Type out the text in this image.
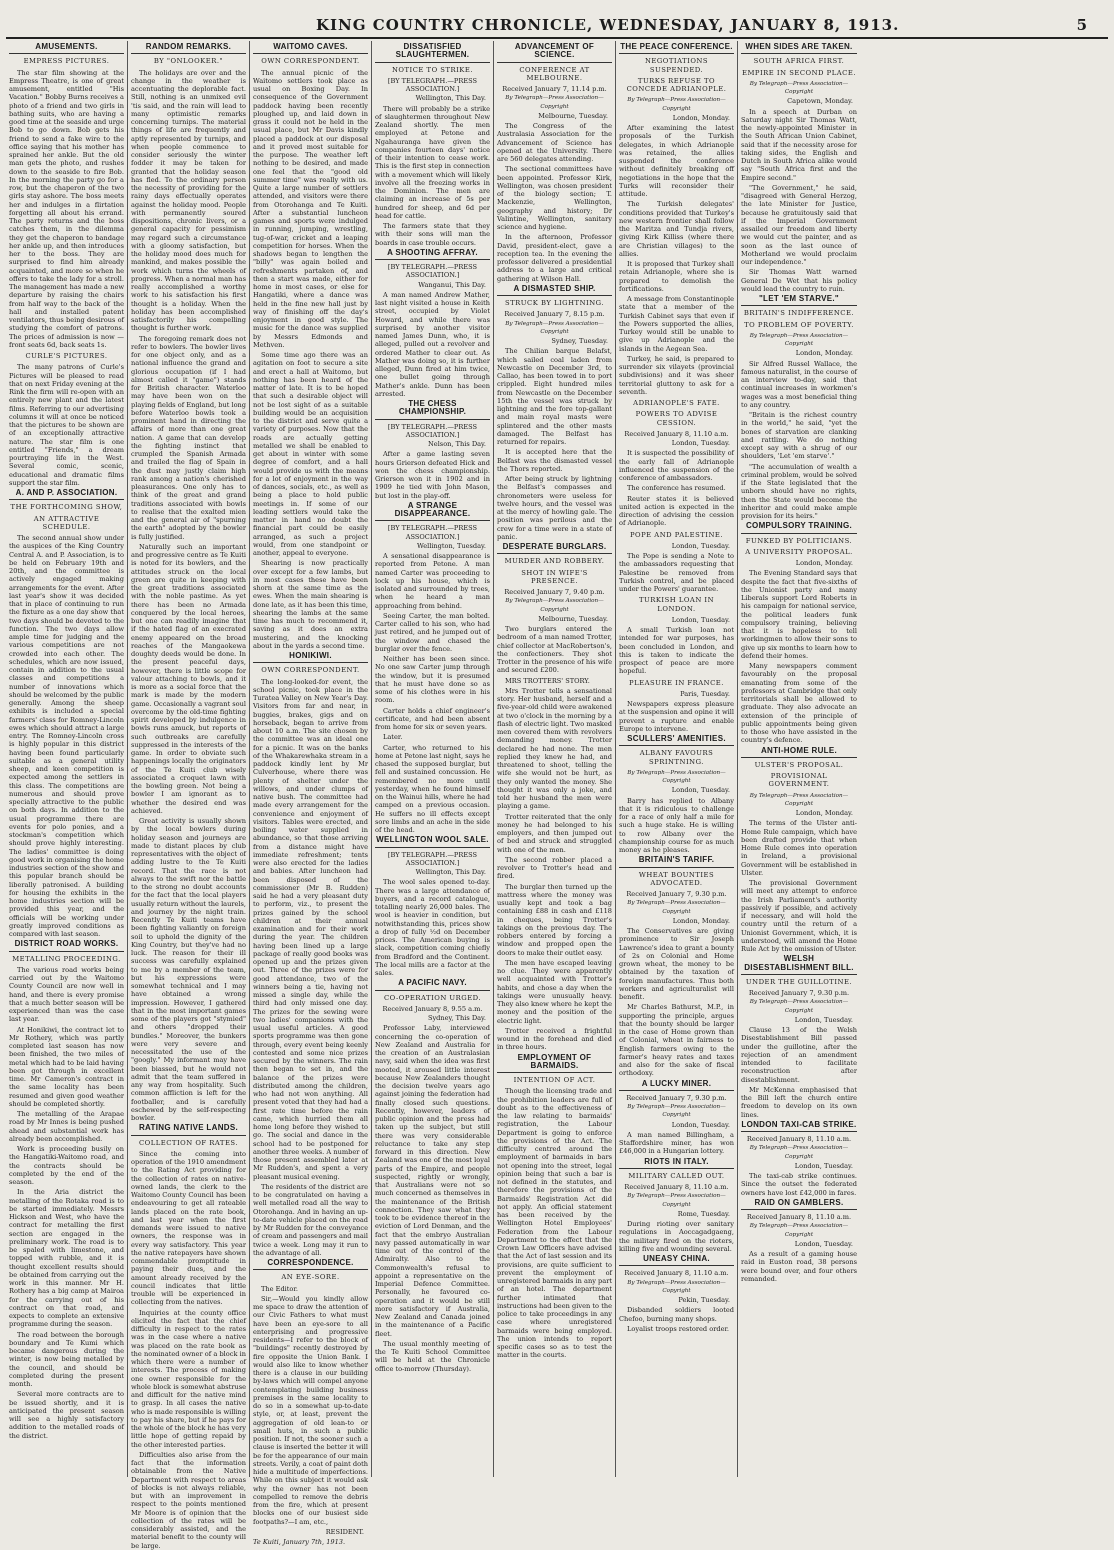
KING COUNTRY CHRONICLE, WEDNESDAY, JANUARY 8, 1913.	5
AMUSEMENTS.
EMPRESS PICTURES.

The star film showing at the Empress Theatre, is one of great amusement, entitled "His Vacation." Bobby Burns receives a photo of a friend and two girls in bathing suits, who are having a good time at the seaside and urge Bob to go down. Bob gets his friend to send a fake wire to the office saying that his mother has sprained her ankle. But the old man gets the photo, and rushes down to the seaside to fire Bob. In the morning the party go for a row, but the chaperon of the two girls stay ashore. The boss meets her and indulges in a flirtation forgetting all about his errand. The party returns and the boss catches them, in the dilemma they get the chaperon to bandage her ankle up, and then introduces her to the boss. They are surprised to find him already acquainted, and more so when he offers to take the lady for a stroll. The management has made a new departure by raising the chairs from half way to the back of the hall and installed patent ventilators, thus being desirous of studying the comfort of patrons. The prices of admission is now —front seats 6d, back seats 1s.

CURLE'S PICTURES.

The many patrons of Curle's Pictures will be pleased to read that on next Friday evening at the Rink the firm will re-open with an entirely new plant and the latest films. Referring to our advertising columns it will at once be noticed that the pictures to be shown are of an exceptionally attractive nature. The star film is one entitled "Friends," a dream pourtraying life in the West. Several comic, scenic, educational and dramatic films support the star film.

A. AND P. ASSOCIATION.
THE FORTHCOMING SHOW,
AN ATTRACTIVE SCHEDULE.

The second annual show under the auspices of the King Country Central A. and P. Association, is to be held on February 19th and 20th, and the committee is actively engaged making arrangements for the event. After last year's show it was decided that in place of continuing to run the fixture as a one day show that two days should be devoted to the function. The two days allow ample time for judging and the various competitions are not crowded into each other. The schedules, which are now issued, contain in addition to the usual classes and competitions a number of innovations which should be welcomed by the public generally. Among the sheep exhibits is included a special farmers' class for Romney-Lincoln ewes which should attract a large entry. The Romney-Lincoln cross is highly popular in this district having been found particularly suitable as a general utility sheep, and keen competition is expected among the settlers in this class. The competitions are numerous and should prove specially attractive to the public on both days. In addition to the usual programme there are events for polo ponies, and a stockman's competition which should prove highly interesting. The ladies' committee is doing good work in organising the home industries section of the show and this popular branch should be liberally patronised. A building for housing the exhibits in the home industries section will be provided this year, and the officials will be working under greatly improved conditions as compared with last season.

DISTRICT ROAD WORKS.
METALLING PROCEEDING.

The various road works being carried out by the Waitomo County Council are now well in hand, and there is every promise that a much better season will be experienced than was the case last year.

At Honikiwi, the contract let to Mr Rothery, which was partly completed last season has now been finished, the two miles of metal which had to be laid having been got through in excellent time. Mr Cameron's contract in the same locality has been resumed and given good weather should be completed shortly.

The metalling of the Arapae road by Mr Innes is being pushed ahead and substantial work has already been accomplished.

Work is proceeding busily on the Hangatiki-Waitomo road, and the contracts should be completed by the end of the season.

In the Aria district the metalling of the Rotaka road is to be started immediately. Messrs Hickson and West, who have the contract for metalling the first section are engaged in the preliminary work. The road is to be spaled with limestone, and topped with rubble, and it is thought excellent results should be obtained from carrying out the work in this manner. Mr H. Rothery has a big camp at Mairoa for the carrying out of his contract on that road, and expects to complete an extensive programme during the season.

The road between the borough boundary and Te Kumi which became dangerous during the winter, is now being metalled by the council, and should be completed during the present month.

Several more contracts are to be issued shortly, and it is anticipated the present season will see a highly satisfactory addition to the metalled roads of the district.

RANDOM REMARKS.
BY "ONLOOKER."

The holidays are over and the change in the weather is accentuating the deplorable fact. Still, nothing is an unmixed evil 'tis said, and the rain will lead to many optimistic remarks concerning turnips. The material things of life are frequently and aptly represented by turnips, and when people commence to consider seriously the winter fodder it may be taken for granted that the holiday season has fled. To the ordinary person the necessity of providing for the rainy days effectually operates against the holiday mood. People with permanently soured dispositions, chronic livers, or a general capacity for pessimism may regard such a circumstance with a gloomy satisfaction, but the holiday mood does much for mankind, and makes possible the work which turns the wheels of progress. When a normal man has really accomplished a worthy work to his satisfaction his first thought is a holiday. When the holiday has been accomplished satisfactorily his compelling thought is further work.

The foregoing remark does not refer to bowlers. The bowler lives for one object only, and as a national influence the grand and glorious occupation (if I had almost called it "game") stands for British character. Waterloo may have been won on the playing fields of England, but long before Waterloo bowls took a prominent hand in directing the affairs of more than one great nation. A game that can develop the fighting instinct that crumpled the Spanish Armada and trailed the flag of Spain in the dust may justly claim high rank among a nation's cherished pleasurances. One only has to think of the great and grand traditions associated with bowls to realise that the exalted mien and the general air of "spurning the earth" adopted by the bowler is fully justified.

Naturally such an important and progressive centre as Te Kuiti is noted for its bowlers, and the attitudes struck on the local green are quite in keeping with the great traditions associated with the noble pastime. As yet there has been no Armada conquered by the local heroes, but one can readily imagine that if the hated flag of an execrated enemy appeared on the broad reaches of the Mangaokewa doughty deeds would be done. In the present peaceful days, however, there is little scope for valour attaching to bowls, and it is more as a social force that the mark is made by the modern game. Occasionally a vagrant soul overcome by the old-time fighting spirit developed by indulgence in bowls runs amuck, but reports of such outbreaks are carefully suppressed in the interests of the game. In order to obviate such happenings locally the originators of the Te Kuiti club wisely associated a croquet lawn with the bowling green. Not being a bowler I am ignorant as to whether the desired end was achieved.

Great activity is usually shown by the local bowlers during holiday season and journeys are made to distant places by club representatives with the object of adding lustre to the Te Kuiti record. That the race is not always to the swift nor the battle to the strong no doubt accounts for the fact that the local players usually return without the laurels, and journey by the night train. Recently Te Kuiti teams have been fighting valiantly on foreign soil to uphold the dignity of the King Country, but they've had no luck. The reason for their ill success was carefully explained to me by a member of the team, but his expressions were somewhat technical and I may have obtained a wrong impression. However, I gathered that in the most important games some of the players got "stymied" and others "dropped their bundles." Moreover, the bunkers were very severe and necessitated the use of the "googly." My informant may have been biassed, but he would not admit that the team suffered in any way from hospitality. Such common affliction is left for the footballer, and is carefully eschewed by the self-respecting bowler.

RATING NATIVE LANDS.
COLLECTION OF RATES.

Since the coming into operation of the 1910 amendment to the Rating Act providing for the collection of rates on native-owned lands, the clerk to the Waitomo County Council has been endeavouring to get all rateable lands placed on the rate book, and last year when the first demands were issued to native owners, the response was in every way satisfactory. This year the native ratepayers have shown commendable promptitude in paying their dues, and the amount already received by the council indicates that little trouble will be experienced in collecting from the natives.

Inquiries at the county office elicited the fact that the chief difficulty in respect to the rates was in the case where a native was placed on the rate book as the nominated owner of a block in which there were a number of interests. The process of making one owner responsible for the whole block is somewhat abstruse and difficult for the native mind to grasp. In all cases the native who is made responsible is willing to pay his share, but if he pays for the whole of the block he has very little hope of getting repaid by the other interested parties.

Difficulties also arise from the fact that the information obtainable from the Native Department with respect to areas of blocks is not always reliable, but with an improvement in respect to the points mentioned Mr Moore is of opinion that the collection of the rates will be considerably assisted, and the material benefit to the county will be large.

WAITOMO CAVES.
OWN CORRESPONDENT.

The annual picnic of the Waitomo settlers took place as usual on Boxing Day. In consequence of the Government paddock having been recently ploughed up, and laid down in grass it could not be held in the usual place, but Mr Davis kindly placed a paddock at our disposal and it proved most suitable for the purpose. The weather left nothing to be desired, and made one feel that the "good old summer time" was really with us. Quite a large number of settlers attended, and visitors were there from Otorohanga and Te Kuiti. After a substantial luncheon games and sports were indulged in running, jumping, wrestling, tug-of-war, cricket and a leaping competition for horses. When the shadows began to lengthen the "billy" was again boiled and refreshments partaken of, and then a start was made, either for home in most cases, or else for Hangatiki, where a dance was held in the fine new hall just by way of finishing off the day's enjoyment in good style. The music for the dance was supplied by Messrs Edmonds and Methven.

Some time ago there was an agitation on foot to secure a site and erect a hall at Waitomo, but nothing has been heard of the matter of late. It is to be hoped that such a desirable object will not be lost sight of as a suitable building would be an acquisition to the district and serve quite a variety of purposes. Now that the roads are actually getting metalled we shall be enabled to get about in winter with some degree of comfort, and a hall would provide us with the means for a lot of enjoyment in the way of dances, socials, etc., as well as being a place to hold public meetings in. If some of our leading settlers would take the matter in hand no doubt the financial part could be easily arranged, as such a project would, from one standpoint or another, appeal to everyone.

Shearing is now practically over except for a few lambs, but in most cases these have been shorn at the same time as the ewes. When the main shearing is done late, as it has been this time, shearing the lambs at the same time has much to recommend it, saving as it does an extra mustering, and the knocking about in the yards a second time.

HONIKIWI.
OWN CORRESPONDENT.

The long-looked-for event, the school picnic, took place in the Turatea Valley on New Year's Day. Visitors from far and near, in buggies, brakes, gigs and on horseback, began to arrive from about 10 a.m. The site chosen by the committee was an ideal one for a picnic. It was on the banks of the Whakarewhaka stream in a paddock kindly lent by Mr Culverhouse, where there was plenty of shelter under the willows, and under clumps of native bush. The committee had made every arrangement for the convenience and enjoyment of visitors. Tables were erected, and boiling water supplied in abundance, so that those arriving from a distance might have immediate refreshment; tents were also erected for the ladies and babies. After luncheon had been disposed of the commissioner (Mr B. Rudden) said he had a very pleasant duty to perform, viz., to present the prizes gained by the school children at their annual examination and for their work during the year. The children having been lined up a large package of really good books was opened up and the prizes given out. Three of the prizes were for good attendance, two of the winners being a tie, having not missed a single day, while the third had only missed one day. The prizes for the sewing were two ladies' companions with the usual useful articles. A good sports programme was then gone through, every event being keenly contested and some nice prizes secured by the winners. The rain then began to set in, and the balance of the prizes were distributed among the children, who had not won anything. All present voted that they had had a first rate time before the rain came, which hurried them all home long before they wished to go. The social and dance in the school had to be postponed for another three weeks. A number of those present assembled later at Mr Rudden's, and spent a very pleasant musical evening.

The residents of the district are to be congratulated on having a well metalled road all the way to Otorohanga. And in having an up-to-date vehicle placed on the road by Mr Rudden for the conveyance of cream and passengers and mail twice a week. Long may it run to the advantage of all.

CORRESPONDENCE.
AN EYE-SORE.

The Editor.

Sir,—Would you kindly allow me space to draw the attention of our Civic Fathers to what must have been an eye-sore to all enterprising and progressive residents—I refer to the block of "buildings" recently destroyed by fire opposite the Union Bank. I would also like to know whether there is a clause in our building by-laws which will compel anyone contemplating building business premises in the same locality to do so in a somewhat up-to-date style, or, at least, prevent the aggregation of old lean-to or small huts, in such a public position. If not, the sooner such a clause is inserted the better it will be for the appearance of our main streets. Verily, a coat of paint doth hide a multitude of imperfections. While on this subject it would ask why the owner has not been compelled to remove the debris from the fire, which at present blocks one of our busiest side footpaths?—I am, etc.,

RESIDENT.
Te Kuiti, January 7th, 1913.
DISSATISFIED SLAUGHTERMEN.
NOTICE TO STRIKE.
[BY TELEGRAPH.—PRESS ASSOCIATION.]
Wellington, This Day.

There will probably be a strike of slaughtermen throughout New Zealand shortly. The men employed at Petone and Ngahauranga have given the companies fourteen days' notice of their intention to cease work. This is the first step in connection with a movement which will likely involve all the freezing works in the Dominion. The men are claiming an increase of 5s per hundred for sheep, and 6d per head for cattle.

The farmers state that they with their sons will man the boards in case trouble occurs.

A SHOOTING AFFRAY.
[BY TELEGRAPH.—PRESS ASSOCIATION.]
Wanganui, This Day.

A man named Andrew Mather, last night visited a house in Keith street, occupied by Violet Howard, and while there was surprised by another visitor named James Dunn, who, it is alleged, pulled out a revolver and ordered Mather to clear out. As Mather was doing so, it is further alleged, Dunn fired at him twice, one bullet going through Mather's ankle. Dunn has been arrested.

THE CHESS CHAMPIONSHIP.
[BY TELEGRAPH.—PRESS ASSOCIATION.]
Nelson, This Day.

After a game lasting seven hours Grierson defeated Hick and won the chess championship. Grierson won it in 1902 and in 1909 he tied with John Mason, but lost in the play-off.

A STRANGE DISAPPEARANCE.
[BY TELEGRAPH.—PRESS ASSOCIATION.]
Wellington, Tuesday.

A sensational disappearance is reported from Petone. A man named Carter was proceeding to lock up his house, which is isolated and surrounded by trees, when he heard a man approaching from behind.

Seeing Carter, the man bolted. Carter called to his son, who had just retired, and he jumped out of the window and chased the burglar over the fence.

Neither has been seen since. No one saw Carter jump through the window, but it is presumed that he must have done so as some of his clothes were in his room.

Carter holds a chief engineer's certificate, and had been absent from home for six or seven years.

Later.

Carter, who returned to his home at Petone last night, says he chased the supposed burglar, but fell and sustained concussion. He remembered no more until yesterday, when he found himself on the Wainui hills, where he had camped on a previous occasion. He suffers no ill effects except sore limbs and an ache in the side of the head.

WELLINGTON WOOL SALE.
[BY TELEGRAPH.—PRESS ASSOCIATION.]
Wellington, This Day.

The wool sales opened to-day. There was a large attendance of buyers, and a record catalogue, totalling nearly 26,000 bales. The wool is heavier in condition, but notwithstanding this, prices show a drop of fully ½d on December prices. The American buying is slack, competition coming chiefly from Bradford and the Continent. The local mills are a factor at the sales.

A PACIFIC NAVY.
CO-OPERATION URGED.
Received January 8, 9.55 a.m.
Sydney, This Day.

Professor Laby, interviewed concerning the co-operation of New Zealand and Australia for the creation of an Australasian navy, said when the idea was first mooted, it aroused little interest because New Zealanders thought the decision twelve years ago against joining the federation had finally closed such questions. Recently, however, leaders of public opinion and the press had taken up the subject, but still there was very considerable reluctance to take any step forward in this direction. New Zealand was one of the most loyal parts of the Empire, and people suspected, rightly or wrongly, that Australians were not so much concerned as themselves in the maintenance of the British connection. They saw what they took to be evidence thereof in the eviction of Lord Denman, and the fact that the embryo Australian navy passed automatically in war time out of the control of the Admiralty. Also to the Commonwealth's refusal to appoint a representative on the Imperial Defence Committee. Personally, he favoured co-operation and it would be still more satisfactory if Australia, New Zealand and Canada joined in the maintenance of a Pacific fleet.

The usual monthly meeting of the Te Kuiti School Committee will be held at the Chronicle office to-morrow (Thursday).

ADVANCEMENT OF SCIENCE.
CONFERENCE AT MELBOURNE.
Received January 7, 11.14 p.m.
By Telegraph—Press Association—Copyright
Melbourne, Tuesday.

The Congress of the Australasia Association for the Advancement of Science has opened at the University. There are 560 delegates attending.

The sectional committees have been appointed. Professor Kirk, Wellington, was chosen president of the biology section; T. Mackenzie, Wellington, geography and history; Dr Valintine, Wellington, sanitary science and hygiene.

In the afternoon, Professor David, president-elect, gave a reception tea. In the evening the professor delivered a presidential address to a large and critical gathering at Wilson Hall.

A DISMASTED SHIP.
STRUCK BY LIGHTNING.
Received January 7, 8.15 p.m.
By Telegraph—Press Association—Copyright
Sydney, Tuesday.

The Chilian barque Belafst, which sailed coal laden from Newcastle on December 3rd, to Callao, has been towed in to port crippled. Eight hundred miles from Newcastle on the December 15th the vessel was struck by lightning and the fore top-gallant and main royal masts were splintered and the other masts damaged. The Belfast has returned for repairs.

It is accepted here that the Belfast was the dismasted vessel the Thors reported.

After being struck by lightning the Belfast's compasses and chronometers were useless for twelve hours, and the vessel was at the mercy of howling gale. The position was perilous and the crew for a time were in a state of panic.

DESPERATE BURGLARS.
MURDER AND ROBBERY.
SHOT IN WIFE'S PRESENCE.
Received January 7, 9.40 p.m.
By Telegraph—Press Association—Copyright
Melbourne, Tuesday.

Two burglars entered the bedroom of a man named Trotter, chief collector at MacRobertson's, the confectioners. They shot Trotter in the presence of his wife and secured £200.

MRS TROTTERS' STORY.

Mrs Trotter tells a sensational story. Her husband, herself and a five-year-old child were awakened at two o'clock in the morning by a flash of electric light. Two masked men covered them with revolvers demanding money. Trotter declared he had none. The men replied they knew he had, and threatened to shoot, telling the wife she would not be hurt, as they only wanted the money. She thought it was only a joke, and told her husband the men were playing a game.

Trotter reiterated that the only money he had belonged to his employers, and then jumped out of bed and struck and struggled with one of the men.

The second robber placed a revolver to Trotter's head and fired.

The burglar then turned up the mattress where the money was usually kept and took a bag containing £88 in cash and £118 in cheques, being Trotter's takings on the previous day. The robbers entered by forcing a window and propped open the doors to make their outlet easy.

The men have escaped leaving no clue. They were apparently well acquainted with Trotter's habits, and chose a day when the takings were unusually heavy. They also knew where he kept the money and the position of the electric light.

Trotter received a frightful wound in the forehead and died in three hours.

EMPLOYMENT OF BARMAIDS.
INTENTION OF ACT.

Though the licensing trade and the prohibition leaders are full of doubt as to the effectiveness of the law relating to barmaids' registration, the Labour Department is going to enforce the provisions of the Act. The difficulty centred around the employment of barmaids in bars not opening into the street, legal opinion being that such a bar is not defined in the statutes, and therefore the provisions of the Barmaids' Registration Act did not apply. An official statement has been received by the Wellington Hotel Employees' Federation from the Labour Department to the effect that the Crown Law Officers have advised that the Act of last session and its provisions, are quite sufficient to prevent the employment of unregistered barmaids in any part of an hotel. The department further intimated that instructions had been given to the police to take proceedings in any case where unregistered barmaids were being employed. The union intends to report specific cases so as to test the matter in the courts.

THE PEACE CONFERENCE.
NEGOTIATIONS SUSPENDED.
TURKS REFUSE TO CONCEDE ADRIANOPLE.
By Telegraph—Press Association—Copyright
London, Monday.

After examining the latest proposals of the Turkish delegates, in which Adrianople was retained, the allies suspended the conference without definitely breaking off negotiations in the hope that the Turks will reconsider their attitude.

The Turkish delegates' conditions provided that Turkey's new western frontier shall follow the Maritza and Tundja rivers, giving Kirk Killiss (where there are Christian villages) to the allies.

It is proposed that Turkey shall retain Adrianople, where she is prepared to demolish the fortifications.

A message from Constantinople state that a member of the Turkish Cabinet says that even if the Powers supported the allies, Turkey would still be unable to give up Adrianople and the islands in the Aegean Sea.

Turkey, he said, is prepared to surrender six vilayets (provincial subdivisions) and it was sheer territorial gluttony to ask for a seventh.

ADRIANOPLE'S FATE.
POWERS TO ADVISE CESSION.
Received January 8, 11.10 a.m.
London, Tuesday.

It is suspected the possibility of the early fall of Adrianople influenced the suspension of the conference of ambassadors.

The conference has resumed.

Reuter states it is believed united action is expected in the direction of advising the cession of Adrianople.

POPE AND PALESTINE.
London, Tuesday.

The Pope is sending a Note to the ambassadors requesting that Palestine be removed from Turkish control, and be placed under the Powers' guarantee.

TURKISH LOAN IN LONDON.
London, Tuesday.

A small Turkish loan not intended for war purposes, has been concluded in London, and this is taken to indicate the prospect of peace are more hopeful.

PLEASURE IN FRANCE.
Paris, Tuesday.

Newspapers express pleasure at the suspension and opine it will prevent a rupture and enable Europe to intervene.

SCULLERS' AMENITIES.
ALBANY FAVOURS SPRINTNING.
By Telegraph—Press Association—Copyright
London, Tuesday.

Barry has replied to Albany that it is ridiculous to challenge for a race of only half a mile for such a huge stake. He is willing to row Albany over the championship course for as much money as he pleases.

BRITAIN'S TARIFF.
WHEAT BOUNTIES ADVOCATED.
Received January 7, 9.30 p.m.
By Telegraph—Press Association—Copyright
London, Monday.

The Conservatives are giving prominence to Sir Joseph Lawrence's idea to grant a bounty of 2s on Colonial and Home grown wheat, the money to be obtained by the taxation of foreign manufactures. Thus both workers and agriculturalist will benefit.

Mr Charles Bathurst, M.P., in supporting the principle, argues that the bounty should be larger in the case of Home grown than of Colonial, wheat in fairness to English farmers owing to the farmer's heavy rates and taxes and also for the sake of fiscal orthodoxy.

A LUCKY MINER.
Received January 7, 9.30 p.m.
By Telegraph—Press Association—Copyright
London, Tuesday.

A man named Billingham, a Staffordshire miner, has won £46,000 in a Hungarian lottery.

RIOTS IN ITALY.
MILITARY CALLED OUT.
Received January 8, 11.10 a.m.
By Telegraph—Press Association—Copyright
Rome, Tuesday.

During rioting over sanitary regulations in Aoccagadgaeng, the military fired on the rioters, killing five and wounding several.

UNEASY CHINA.
Received January 8, 11.10 a.m.
By Telegraph—Press Association—Copyright
Pekin, Tuesday.

Disbanded soldiers looted Chefoo, burning many shops.

Loyalist troops restored order.

WHEN SIDES ARE TAKEN.
SOUTH AFRICA FIRST.
EMPIRE IN SECOND PLACE.
By Telegraph—Press Association—Copyright
Capetown, Monday.

In a speech at Durban on Saturday night Sir Thomas Watt, the newly-appointed Minister in the South African Union Cabinet, said that if the necessity arose for taking sides, the English and Dutch in South Africa alike would say "South Africa first and the Empire second."

"The Government," he said, "disagreed with General Herzog, the late Minister for Justice, because he gratuitously said that if the Imperial Government assailed our freedom and liberty we would cut the painter, and as soon as the last ounce of Motherland we would proclaim our independence."

Sir Thomas Watt warned General De Wet that his policy would lead the country to ruin.

"LET 'EM STARVE."
BRITAIN'S INDIFFERENCE.
TO PROBLEM OF POVERTY.
By Telegraph—Press Association—Copyright
London, Monday.

Sir Alfred Russel Wallace, the famous naturalist, in the course of an interview to-day, said that continual increases in workmen's wages was a most beneficial thing to any country.

"Britain is the richest country in the world," he said, "yet the bones of starvation are clanking and rattling. We do nothing except say with a shrug of our shoulders, 'Let 'em starve'."

"The accumulation of wealth a criminal problem, would be solved if the State legislated that the unborn should have no rights, then the State would become the inheritor and could make ample provision for its heirs."

COMPULSORY TRAINING.
FUNKED BY POLITICIANS.
A UNIVERSITY PROPOSAL.
London, Monday.

The Evening Standard says that despite the fact that five-sixths of the Unionist party and many Liberals support Lord Roberts in his campaign for national service, the political leaders funk compulsory training, believing that it is hopeless to tell workingmen to allow their sons to give up six months to learn how to defend their homes.

Many newspapers comment favourably on the proposal emanating from some of the professors at Cambridge that only territorials shall be allowed to graduate. They also advocate an extension of the principle of public appointments being given to those who have assisted in the country's defence.

ANTI-HOME RULE.
ULSTER'S PROPOSAL.
PROVISIONAL GOVERNMENT.
By Telegraph—Press Association—Copyright
London, Monday.

The terms of the Ulster anti-Home Rule campaign, which have been drafted provide that when Home Rule comes into operation in Ireland, a provisional Government will be established in Ulster.

The provisional Government will meet any attempt to enforce the Irish Parliament's authority passively if possible, and actively if necessary, and will hold the country until the return of a Unionist Government, which, it is understood, will amend the Home Rule Act by the omission of Ulster.

WELSH DISESTABLISHMENT BILL.
UNDER THE GUILLOTINE.
Received January 7, 9.30 p.m.
By Telegraph—Press Association—Copyright
London, Tuesday.

Clause 13 of the Welsh Disestablishment Bill passed under the guillotine, after the rejection of an amendment intended to facilitate reconstruction after disestablishment.

Mr McKenna emphasised that the Bill left the church entire freedom to develop on its own lines.

LONDON TAXI-CAB STRIKE.
Received January 8, 11.10 a.m.
By Telegraph—Press Association—Copyright
London, Tuesday.

The taxi-cab strike continues. Since the outset the federated owners have lost £42,000 in fares.

RAID ON GAMBLERS.
Received January 8, 11.10 a.m.
By Telegraph—Press Association—Copyright
London, Tuesday.

As a result of a gaming house raid in Euston road, 38 persons were bound over, and four others remanded.
